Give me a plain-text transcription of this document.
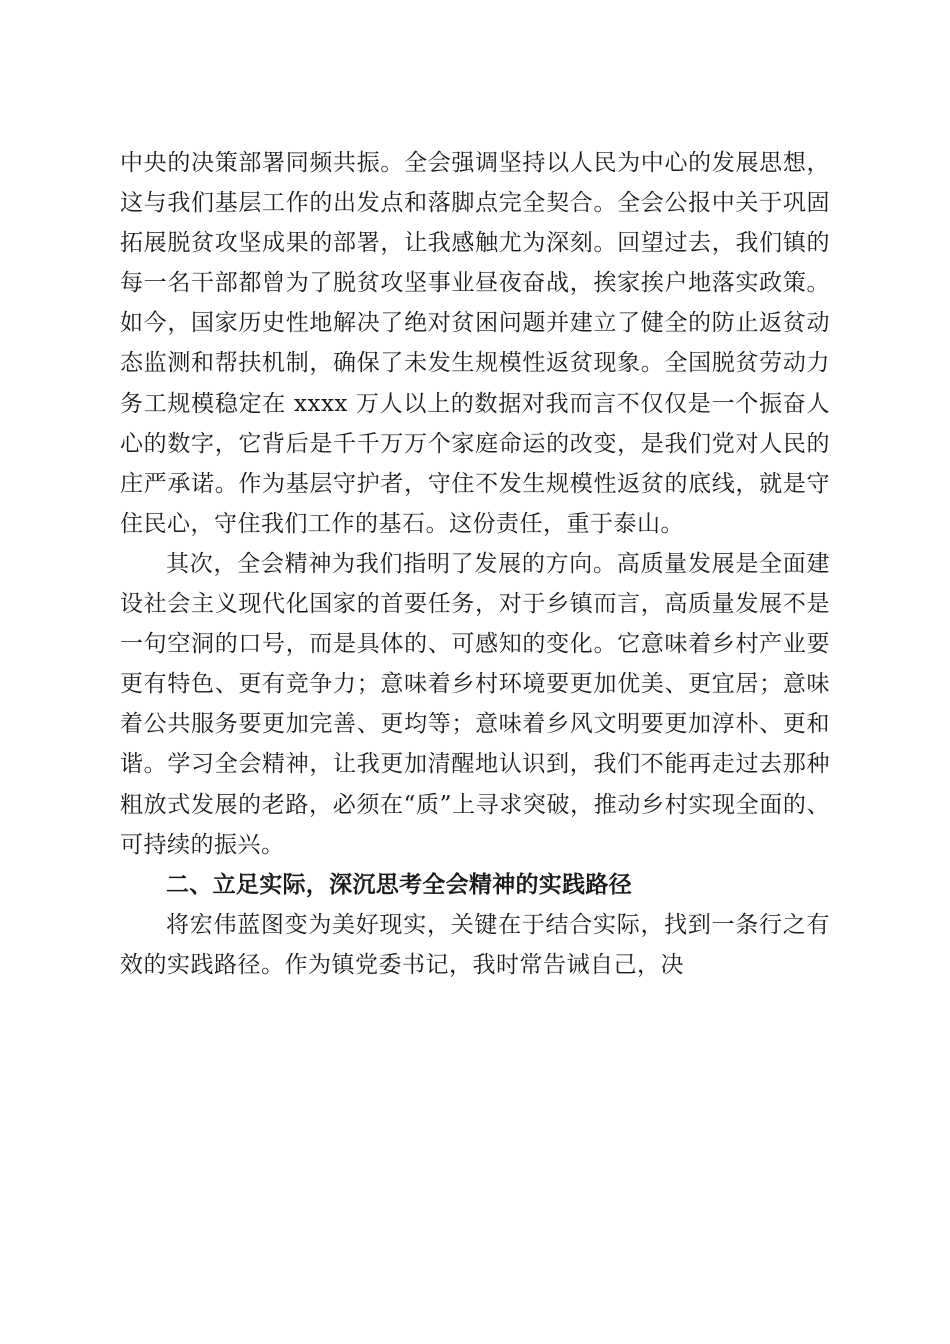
中央的决策部署同频共振。全会强调坚持以人民为中心的发展思想，这与我们基层工作的出发点和落脚点完全契合。全会公报中关于巩固拓展脱贫攻坚成果的部署，让我感触尤为深刻。回望过去，我们镇的每一名干部都曾为了脱贫攻坚事业昼夜奋战，挨家挨户地落实政策。如今，国家历史性地解决了绝对贫困问题并建立了健全的防止返贫动态监测和帮扶机制，确保了未发生规模性返贫现象。全国脱贫劳动力务工规模稳定在 xxxx 万人以上的数据对我而言不仅仅是一个振奋人心的数字，它背后是千千万万个家庭命运的改变，是我们党对人民的庄严承诺。作为基层守护者，守住不发生规模性返贫的底线，就是守住民心，守住我们工作的基石。这份责任，重于泰山。

其次，全会精神为我们指明了发展的方向。高质量发展是全面建设社会主义现代化国家的首要任务，对于乡镇而言，高质量发展不是一句空洞的口号，而是具体的、可感知的变化。它意味着乡村产业要更有特色、更有竞争力；意味着乡村环境要更加优美、更宜居；意味着公共服务要更加完善、更均等；意味着乡风文明要更加淳朴、更和谐。学习全会精神，让我更加清醒地认识到，我们不能再走过去那种粗放式发展的老路，必须在“质”上寻求突破，推动乡村实现全面的、可持续的振兴。

二、立足实际，深沉思考全会精神的实践路径

将宏伟蓝图变为美好现实，关键在于结合实际，找到一条行之有效的实践路径。作为镇党委书记，我时常告诫自己，决
